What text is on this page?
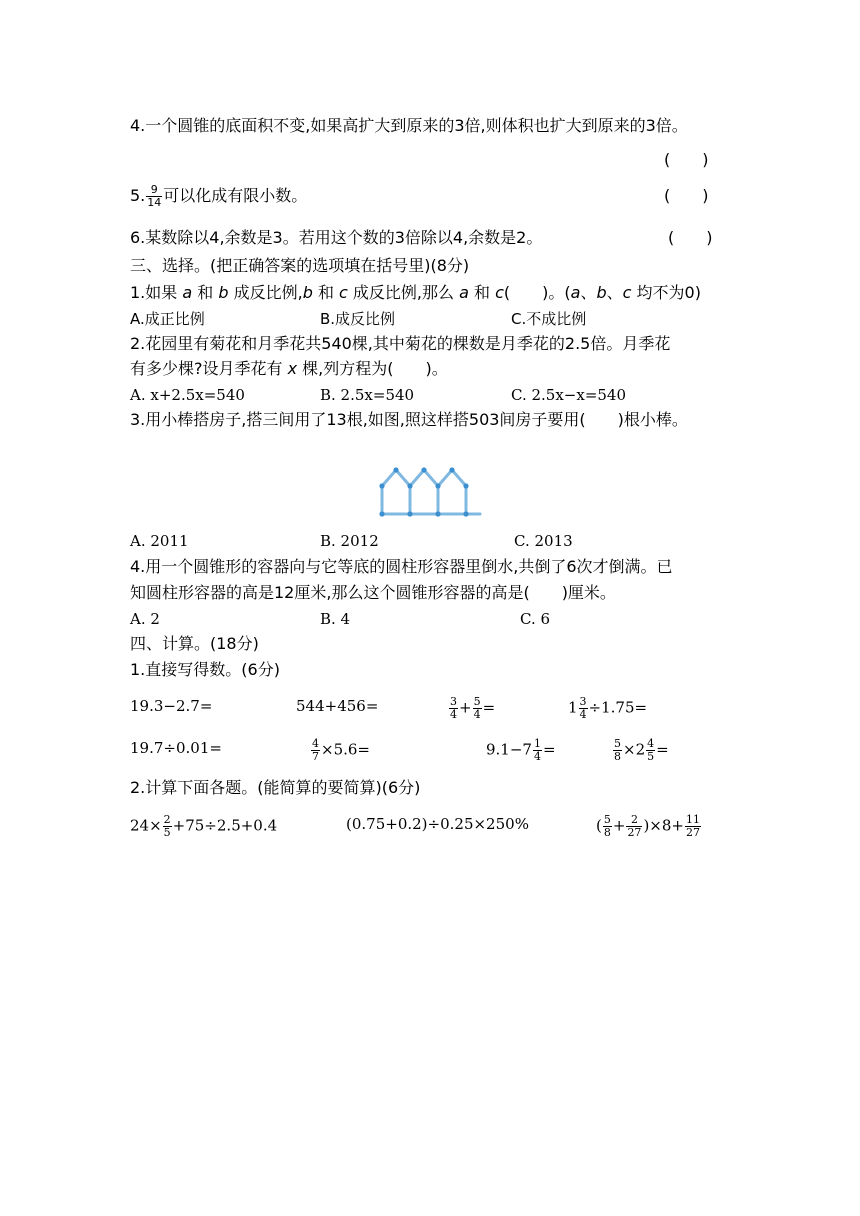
4.一个圆锥的底面积不变,如果高扩大到原来的3倍,则体积也扩大到原来的3倍。
(　　)
5. $\frac{9}{14}$ 可以化成有限小数。	(　　)
6.某数除以4,余数是3。若用这个数的3倍除以4,余数是2。	(　　)
三、选择。(把正确答案的选项填在括号里)(8分)
1.如果 a 和 b 成反比例,b 和 c 成反比例,那么 a 和 c(　　)。(a、b、c 均不为0)
A.成正比例	B.成反比例	C.不成比例
2.花园里有菊花和月季花共540棵,其中菊花的棵数是月季花的2.5倍。月季花
有多少棵?设月季花有 x 棵,列方程为(　　)。
A. x+2.5x=540	B. 2.5x=540	C. 2.5x−x=540
3.用小棒搭房子,搭三间用了13根,如图,照这样搭503间房子要用(　　)根小棒。
A. 2011	B. 2012	C. 2013
4.用一个圆锥形的容器向与它等底的圆柱形容器里倒水,共倒了6次才倒满。已
知圆柱形容器的高是12厘米,那么这个圆锥形容器的高是(　　)厘米。
A. 2	B. 4	C. 6
四、计算。(18分)
1.直接写得数。(6分)
19.3−2.7=	544+456=	$\frac{3}{4} + \frac{5}{4}$ =	$1 \frac{3}{4} \div 1.75=$
19.7÷0.01=	$\frac{4}{7} \times 5.6=$	$9.1-7 \frac{1}{4}$ =	$\frac{5}{8} \times 2 \frac{4}{5}$ =
2.计算下面各题。(能简算的要简算)(6分)
$24\times \frac{2}{5} +75\div 2.5+0.4$	(0.75+0.2)÷0.25×250%	( $\frac{5}{8} + \frac{2}{27} )\times 8+ \frac{11}{27}$
